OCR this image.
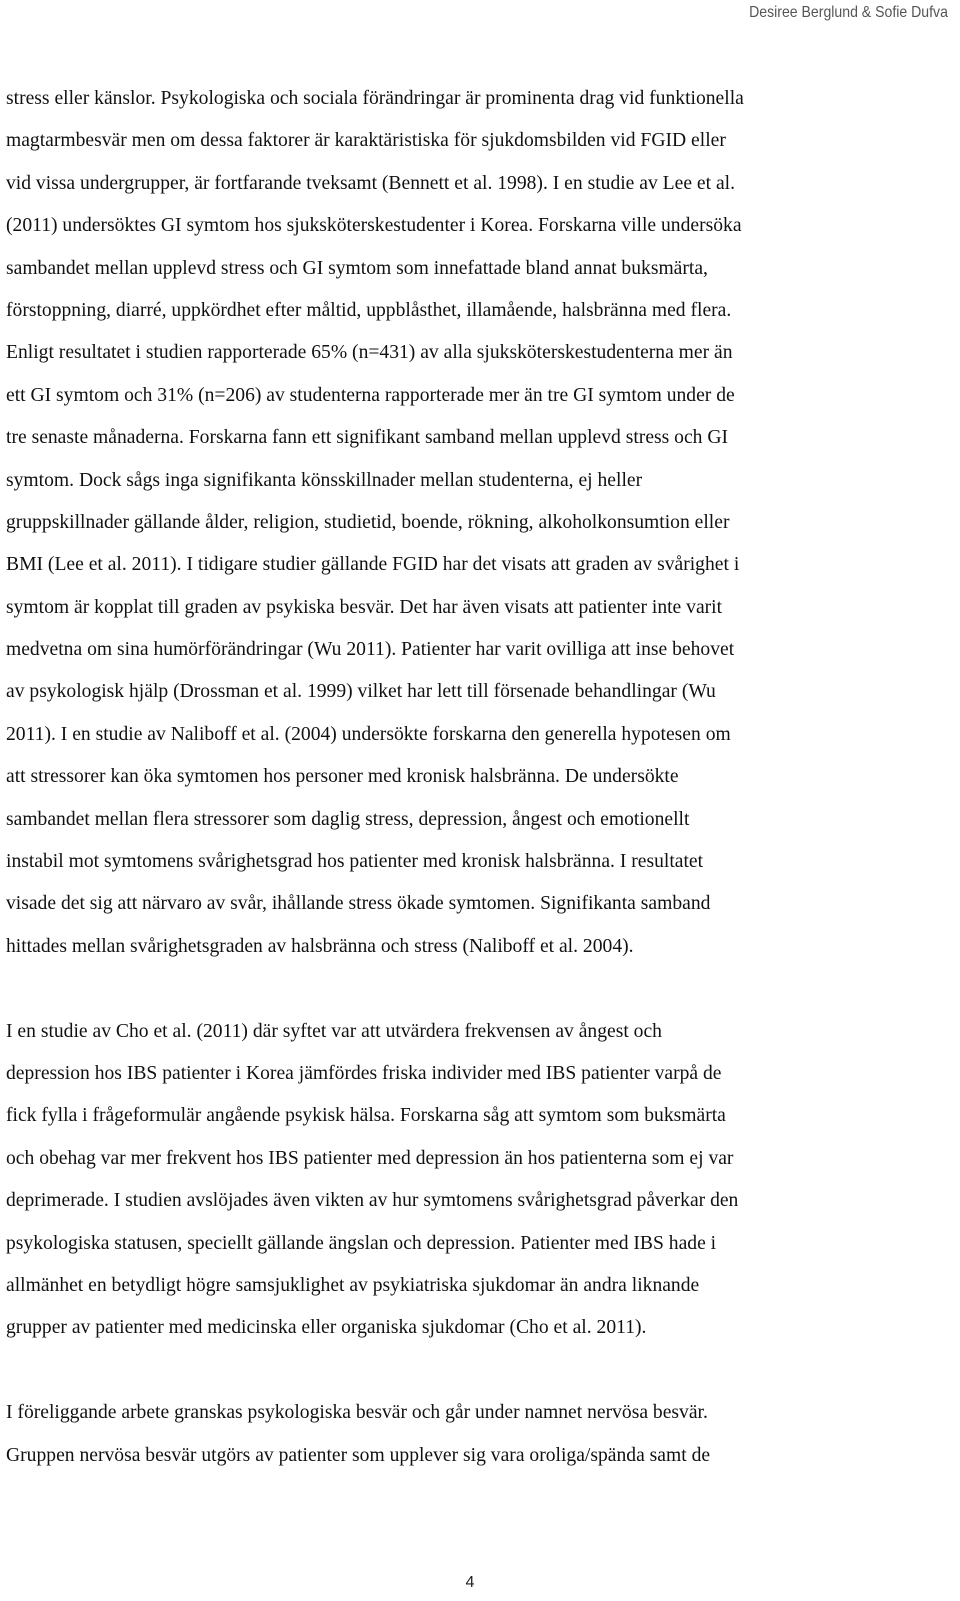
Desiree Berglund & Sofie Dufva
stress eller känslor. Psykologiska och sociala förändringar är prominenta drag vid funktionella
magtarmbesvär men om dessa faktorer är karaktäristiska för sjukdomsbilden vid FGID eller
vid vissa undergrupper, är fortfarande tveksamt (Bennett et al. 1998). I en studie av Lee et al.
(2011) undersöktes GI symtom hos sjuksköterskestudenter i Korea. Forskarna ville undersöka
sambandet mellan upplevd stress och GI symtom som innefattade bland annat buksmärta,
förstoppning, diarré, uppkördhet efter måltid, uppblåsthet, illamående, halsbränna med flera.
Enligt resultatet i studien rapporterade 65% (n=431) av alla sjuksköterskestudenterna mer än
ett GI symtom och 31% (n=206) av studenterna rapporterade mer än tre GI symtom under de
tre senaste månaderna. Forskarna fann ett signifikant samband mellan upplevd stress och GI
symtom. Dock sågs inga signifikanta könsskillnader mellan studenterna, ej heller
gruppskillnader gällande ålder, religion, studietid, boende, rökning, alkoholkonsumtion eller
BMI (Lee et al. 2011). I tidigare studier gällande FGID har det visats att graden av svårighet i
symtom är kopplat till graden av psykiska besvär. Det har även visats att patienter inte varit
medvetna om sina humörförändringar (Wu 2011). Patienter har varit ovilliga att inse behovet
av psykologisk hjälp (Drossman et al. 1999) vilket har lett till försenade behandlingar (Wu
2011). I en studie av Naliboff et al. (2004) undersökte forskarna den generella hypotesen om
att stressorer kan öka symtomen hos personer med kronisk halsbränna. De undersökte
sambandet mellan flera stressorer som daglig stress, depression, ångest och emotionellt
instabil mot symtomens svårighetsgrad hos patienter med kronisk halsbränna. I resultatet
visade det sig att närvaro av svår, ihållande stress ökade symtomen. Signifikanta samband
hittades mellan svårighetsgraden av halsbränna och stress (Naliboff et al. 2004).
I en studie av Cho et al. (2011) där syftet var att utvärdera frekvensen av ångest och
depression hos IBS patienter i Korea jämfördes friska individer med IBS patienter varpå de
fick fylla i frågeformulär angående psykisk hälsa. Forskarna såg att symtom som buksmärta
och obehag var mer frekvent hos IBS patienter med depression än hos patienterna som ej var
deprimerade. I studien avslöjades även vikten av hur symtomens svårighetsgrad påverkar den
psykologiska statusen, speciellt gällande ängslan och depression. Patienter med IBS hade i
allmänhet en betydligt högre samsjuklighet av psykiatriska sjukdomar än andra liknande
grupper av patienter med medicinska eller organiska sjukdomar (Cho et al. 2011).
I föreliggande arbete granskas psykologiska besvär och går under namnet nervösa besvär.
Gruppen nervösa besvär utgörs av patienter som upplever sig vara oroliga/spända samt de
4
